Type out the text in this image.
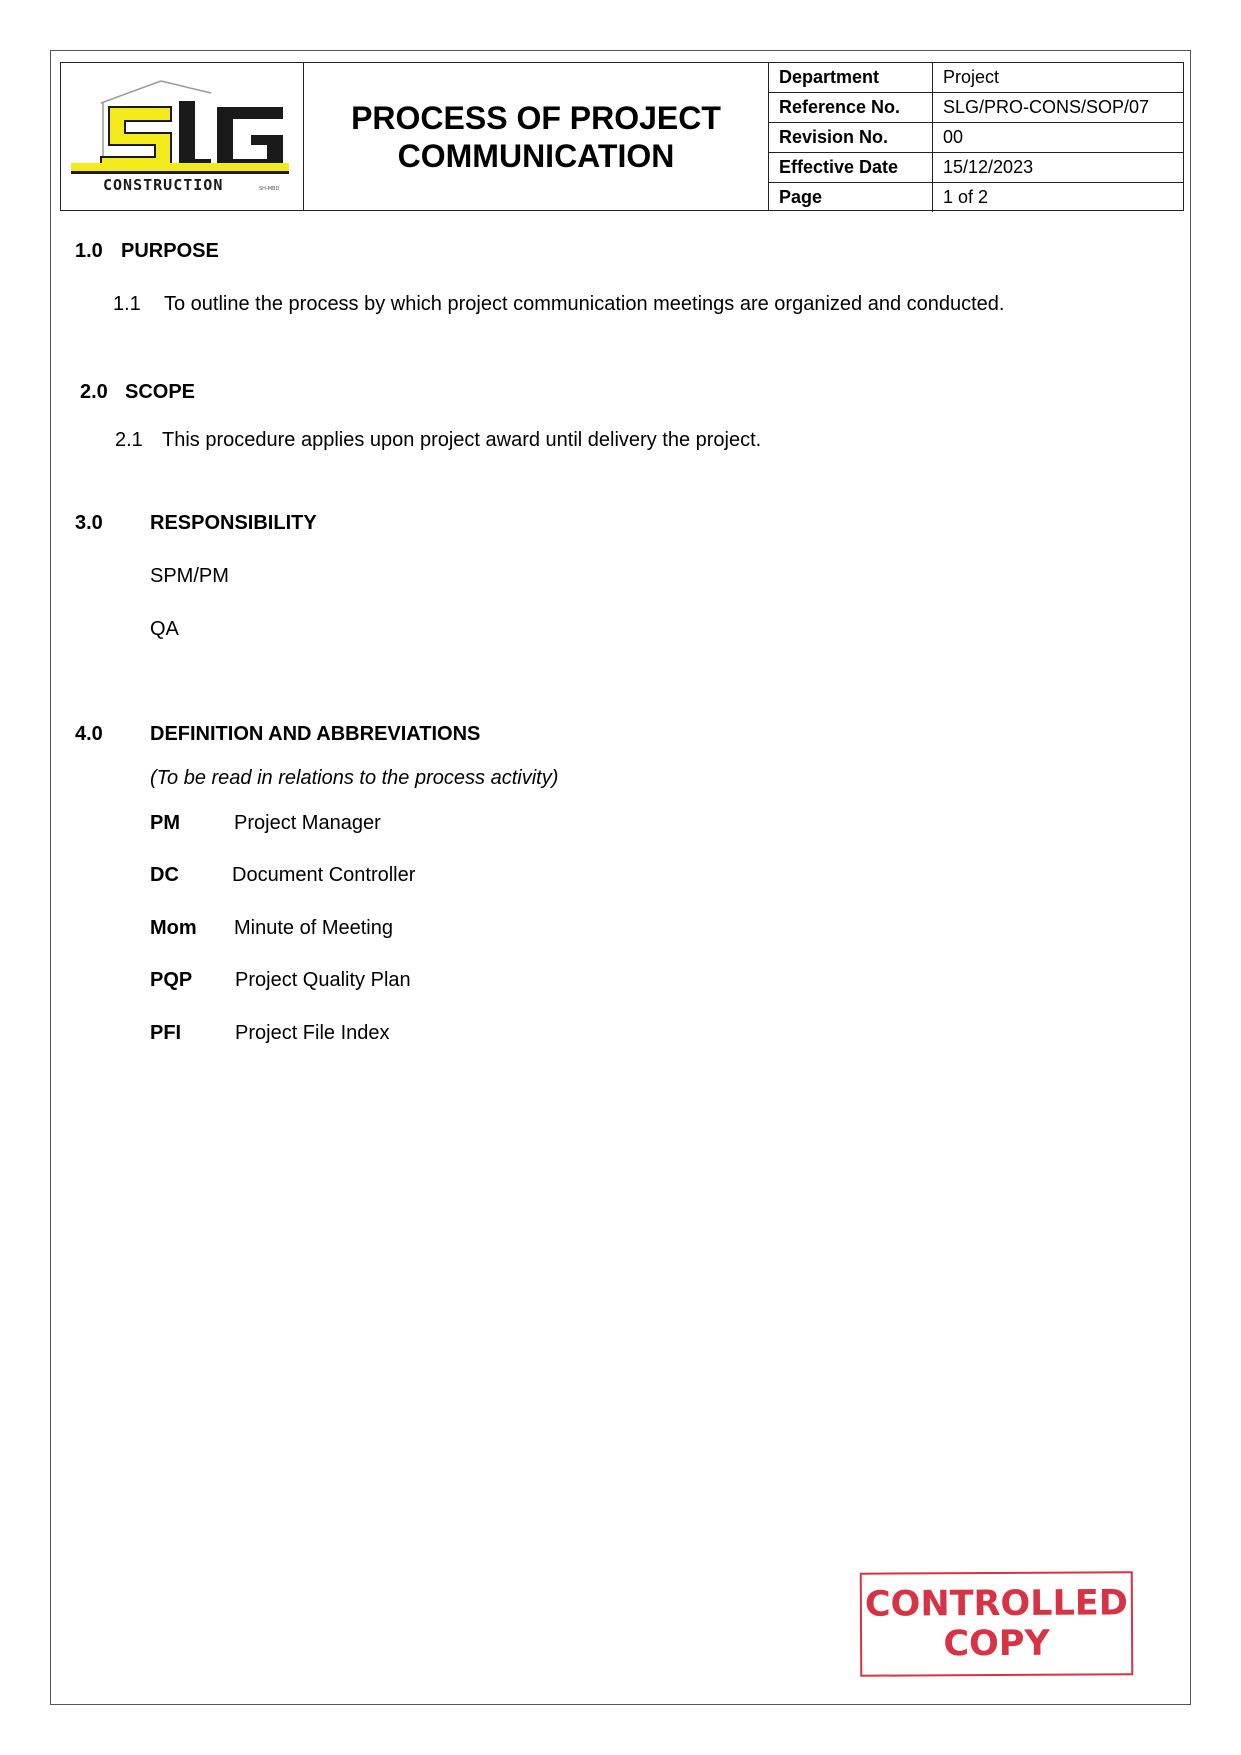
CONSTRUCTION	SH-MBD
PROCESS OF PROJECT
COMMUNICATION
Department	Project
Reference No.	SLG/PRO-CONS/SOP/07
Revision No.	00
Effective Date	15/12/2023
Page	1 of 2
1.0 PURPOSE
1.1 To outline the process by which project communication meetings are organized and conducted.
2.0 SCOPE
2.1 This procedure applies upon project award until delivery the project.
3.0 RESPONSIBILITY
SPM/PM
QA
4.0 DEFINITION AND ABBREVIATIONS
(To be read in relations to the process activity)
PM	Project Manager
DC	Document Controller
Mom Minute of Meeting
PQP Project Quality Plan
PFI	Project File Index
CONTROLLED
COPY
